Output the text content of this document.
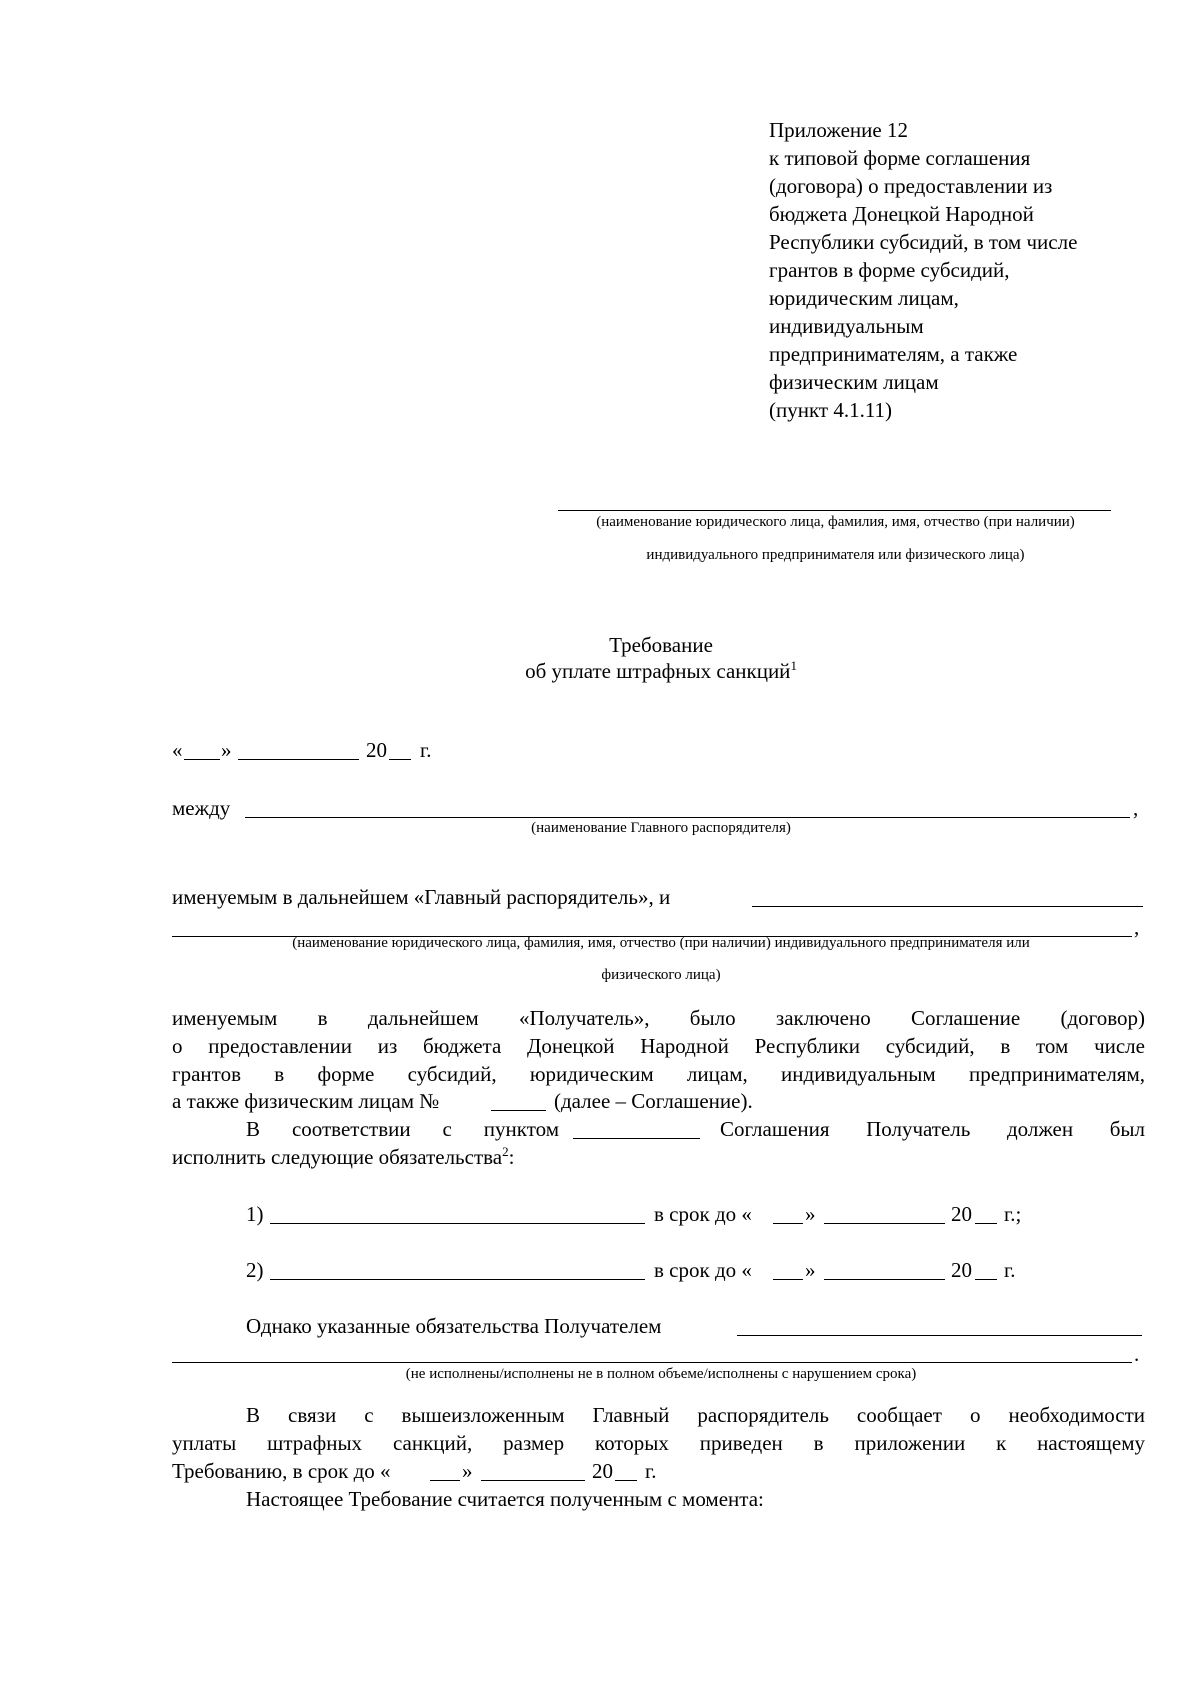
Приложение 12
к типовой форме соглашения
(договора) о предоставлении из
бюджета Донецкой Народной
Республики субсидий, в том числе
грантов в форме субсидий,
юридическим лицам,
индивидуальным
предпринимателям, а также
физическим лицам
(пункт 4.1.11)
(наименование юридического лица, фамилия, имя, отчество (при наличии)
индивидуального предпринимателя или физического лица)
Требование
об уплате штрафных санкций$^1$
« »	20 г.
между	,
(наименование Главного распорядителя)
именуемым в дальнейшем «Главный распорядитель», и
,
(наименование юридического лица, фамилия, имя, отчество (при наличии) индивидуального предпринимателя или
физического лица)
именуемым в дальнейшем «Получатель», было заключено Соглашение (договор)
о предоставлении из бюджета Донецкой Народной Республики субсидий, в том числе
грантов в форме субсидий, юридическим лицам, индивидуальным предпринимателям,
а также физическим лицам №	(далее – Соглашение).
В соответствии с пунктом	Соглашения Получатель должен был
исполнить следующие обязательства$^2$:
1)	в срок до «	»	20 г.;
2)	в срок до «	»	20 г.
Однако указанные обязательства Получателем
.
(не исполнены/исполнены не в полном объеме/исполнены с нарушением срока)
В связи с вышеизложенным Главный распорядитель сообщает о необходимости
уплаты штрафных санкций, размер которых приведен в приложении к настоящему
Требованию, в срок до «	»	20 г.
Настоящее Требование считается полученным с момента:
